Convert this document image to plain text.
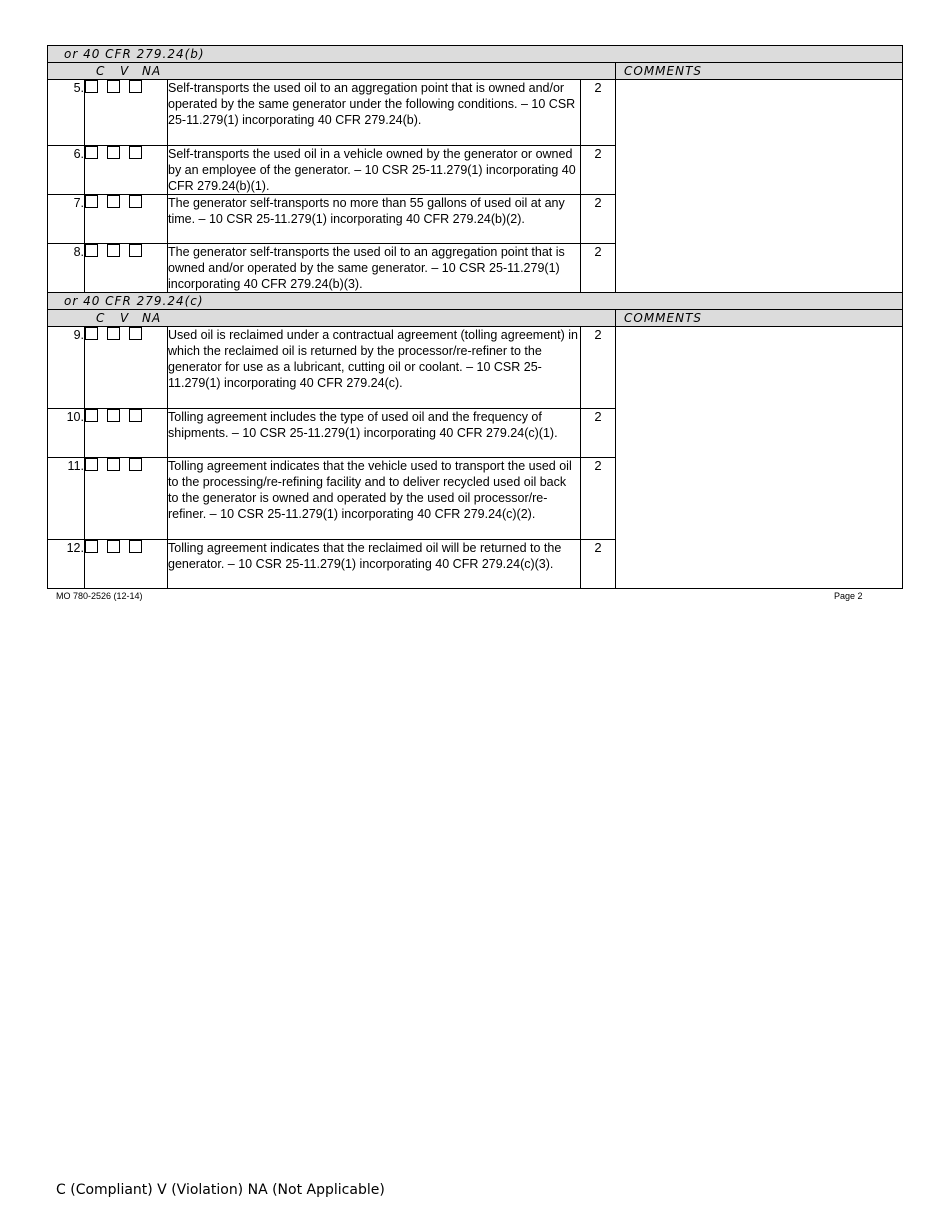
or 40 CFR 279.24(b)				
C V NA				COMMENTS
5.		Self-transports the used oil to an aggregation point that is owned and/or operated by the same generator under the following conditions. – 10 CSR 25-11.279(1) incorporating 40 CFR 279.24(b).	2	
6.		Self-transports the used oil in a vehicle owned by the generator or owned by an employee of the generator. – 10 CSR 25-11.279(1) incorporating 40 CFR 279.24(b)(1).	2	
7.		The generator self-transports no more than 55 gallons of used oil at any time. – 10 CSR 25-11.279(1) incorporating 40 CFR 279.24(b)(2).	2	
8.		The generator self-transports the used oil to an aggregation point that is owned and/or operated by the same generator. – 10 CSR 25-11.279(1) incorporating 40 CFR 279.24(b)(3).	2	
or 40 CFR 279.24(c)				
C V NA				COMMENTS
9.		Used oil is reclaimed under a contractual agreement (tolling agreement) in which the reclaimed oil is returned by the processor/re-refiner to the generator for use as a lubricant, cutting oil or coolant. – 10 CSR 25-11.279(1) incorporating 40 CFR 279.24(c).	2	
10.		Tolling agreement includes the type of used oil and the frequency of shipments. – 10 CSR 25-11.279(1) incorporating 40 CFR 279.24(c)(1).	2	
11.		Tolling agreement indicates that the vehicle used to transport the used oil to the processing/re-refining facility and to deliver recycled used oil back to the generator is owned and operated by the used oil processor/re-refiner. – 10 CSR 25-11.279(1) incorporating 40 CFR 279.24(c)(2).	2	
12.		Tolling agreement indicates that the reclaimed oil will be returned to the generator. – 10 CSR 25-11.279(1) incorporating 40 CFR 279.24(c)(3).	2	
MO 780-2526 (12-14)	Page 2
C (Compliant) V (Violation) NA (Not Applicable)
